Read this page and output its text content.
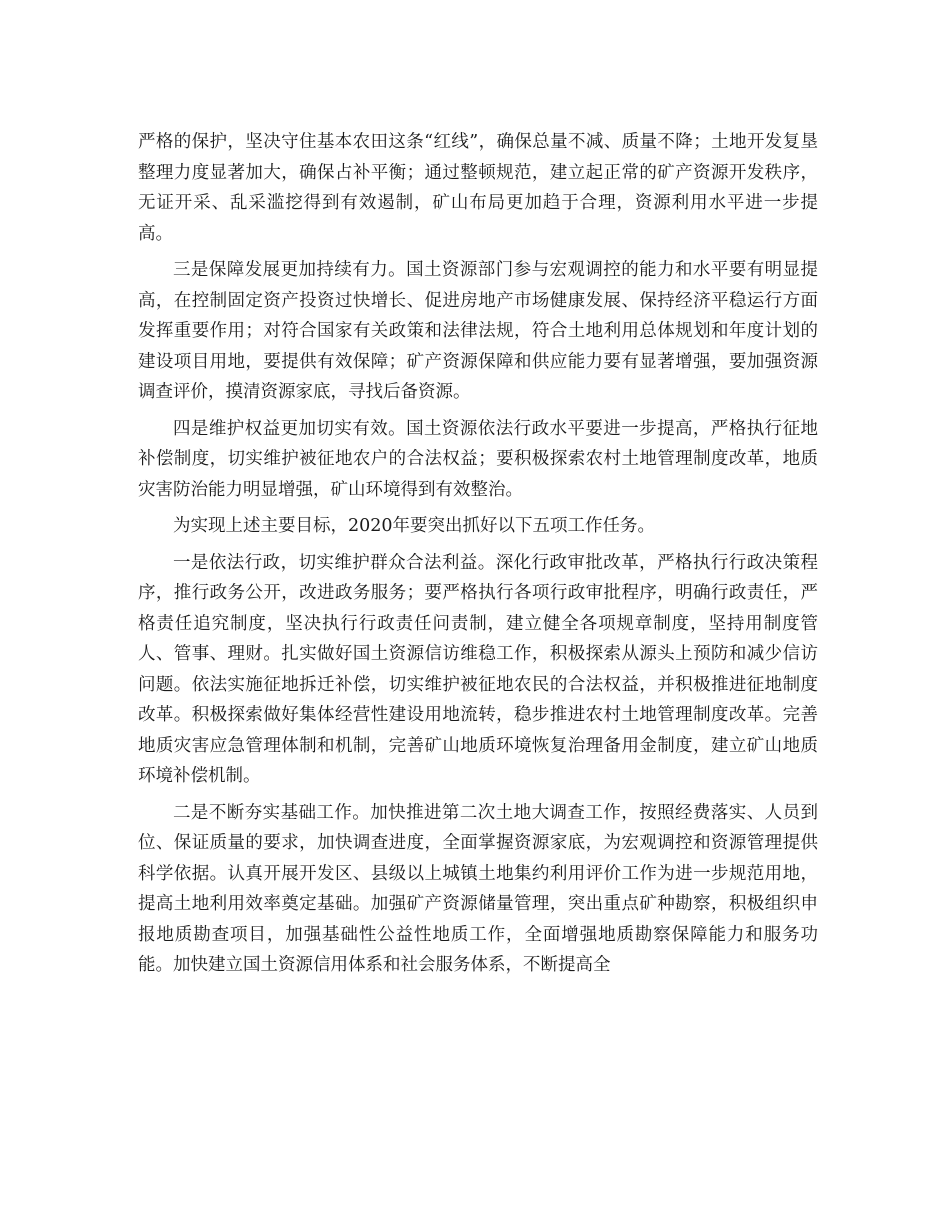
严格的保护，坚决守住基本农田这条“红线”，确保总量不减、质量不降；土地开发复垦整理力度显著加大，确保占补平衡；通过整顿规范，建立起正常的矿产资源开发秩序，无证开采、乱采滥挖得到有效遏制，矿山布局更加趋于合理，资源利用水平进一步提高。

三是保障发展更加持续有力。国土资源部门参与宏观调控的能力和水平要有明显提高，在控制固定资产投资过快增长、促进房地产市场健康发展、保持经济平稳运行方面发挥重要作用；对符合国家有关政策和法律法规，符合土地利用总体规划和年度计划的建设项目用地，要提供有效保障；矿产资源保障和供应能力要有显著增强，要加强资源调查评价，摸清资源家底，寻找后备资源。

四是维护权益更加切实有效。国土资源依法行政水平要进一步提高，严格执行征地补偿制度，切实维护被征地农户的合法权益；要积极探索农村土地管理制度改革，地质灾害防治能力明显增强，矿山环境得到有效整治。

为实现上述主要目标，2020年要突出抓好以下五项工作任务。

一是依法行政，切实维护群众合法利益。深化行政审批改革，严格执行行政决策程序，推行政务公开，改进政务服务；要严格执行各项行政审批程序，明确行政责任，严格责任追究制度，坚决执行行政责任问责制，建立健全各项规章制度，坚持用制度管人、管事、理财。扎实做好国土资源信访维稳工作，积极探索从源头上预防和减少信访问题。依法实施征地拆迁补偿，切实维护被征地农民的合法权益，并积极推进征地制度改革。积极探索做好集体经营性建设用地流转，稳步推进农村土地管理制度改革。完善地质灾害应急管理体制和机制，完善矿山地质环境恢复治理备用金制度，建立矿山地质环境补偿机制。

二是不断夯实基础工作。加快推进第二次土地大调查工作，按照经费落实、人员到位、保证质量的要求，加快调查进度，全面掌握资源家底，为宏观调控和资源管理提供科学依据。认真开展开发区、县级以上城镇土地集约利用评价工作为进一步规范用地，提高土地利用效率奠定基础。加强矿产资源储量管理，突出重点矿种勘察，积极组织申报地质勘查项目，加强基础性公益性地质工作，全面增强地质勘察保障能力和服务功能。加快建立国土资源信用体系和社会服务体系，不断提高全
